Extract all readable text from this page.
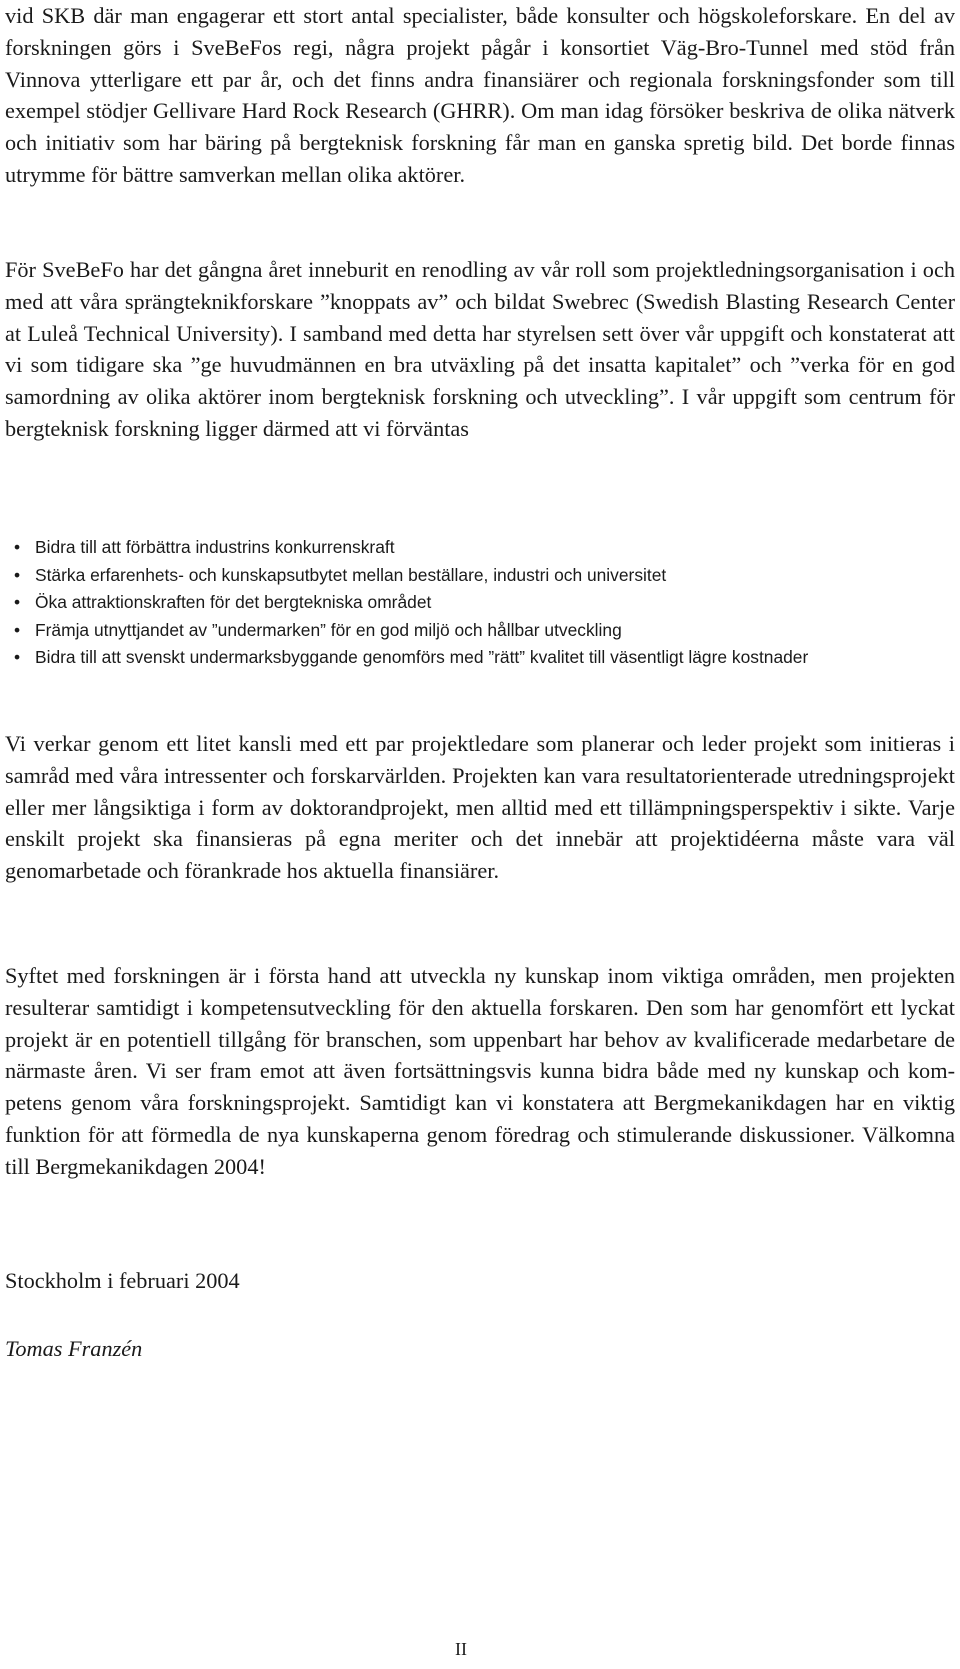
vid SKB där man engagerar ett stort antal specialister, både konsulter och högskoleforskare. En del av forskningen görs i SveBeFos regi, några projekt pågår i konsortiet Väg-Bro-Tunnel med stöd från Vinnova ytterligare ett par år, och det finns andra finansiärer och regionala forskningsfonder som till exempel stödjer Gellivare Hard Rock Research (GHRR). Om man idag försöker beskriva de olika nätverk och initiativ som har bäring på bergteknisk forskning får man en ganska spretig bild. Det borde finnas utrymme för bättre samverkan mellan olika aktörer.

För SveBeFo har det gångna året inneburit en renodling av vår roll som projektledningsorganisation i och med att våra sprängteknikforskare ”knoppats av” och bildat Swebrec (Swedish Blasting Research Center at Luleå Technical University). I samband med detta har styrelsen sett över vår uppgift och konstaterat att vi som tidigare ska ”ge huvudmännen en bra utväxling på det insatta kapitalet” och ”verka för en god samordning av olika aktörer inom bergteknisk forskning och utveckling”. I vår uppgift som centrum för bergteknisk forskning ligger därmed att vi förväntas

• Bidra till att förbättra industrins konkurrenskraft
• Stärka erfarenhets- och kunskapsutbytet mellan beställare, industri och universitet
• Öka attraktionskraften för det bergtekniska området
• Främja utnyttjandet av ”undermarken” för en god miljö och hållbar utveckling
• Bidra till att svenskt undermarksbyggande genomförs med ”rätt” kvalitet till väsentligt lägre kostnader

Vi verkar genom ett litet kansli med ett par projektledare som planerar och leder projekt som initieras i samråd med våra intressenter och forskarvärlden. Projekten kan vara resultatorienterade utredningsprojekt eller mer långsiktiga i form av doktorandprojekt, men alltid med ett tillämpningsperspektiv i sikte. Varje enskilt projekt ska finansieras på egna meriter och det innebär att projektidéerna måste vara väl genomarbetade och förankrade hos aktuella finansiärer.

Syftet med forskningen är i första hand att utveckla ny kunskap inom viktiga områden, men projekten resulterar samtidigt i kompetensutveckling för den aktuella forskaren. Den som har genomfört ett lyckat projekt är en potentiell tillgång för branschen, som uppenbart har behov av kvalificerade medarbetare de närmaste åren. Vi ser fram emot att även fortsättningsvis kunna bidra både med ny kunskap och kompetens genom våra forskningsprojekt. Samtidigt kan vi konstatera att Bergmekanikdagen har en viktig funktion för att förmedla de nya kunskaperna genom föredrag och stimulerande diskussioner. Välkomna till Bergmekanikdagen 2004!

Stockholm i februari 2004
Tomas Franzén
II
